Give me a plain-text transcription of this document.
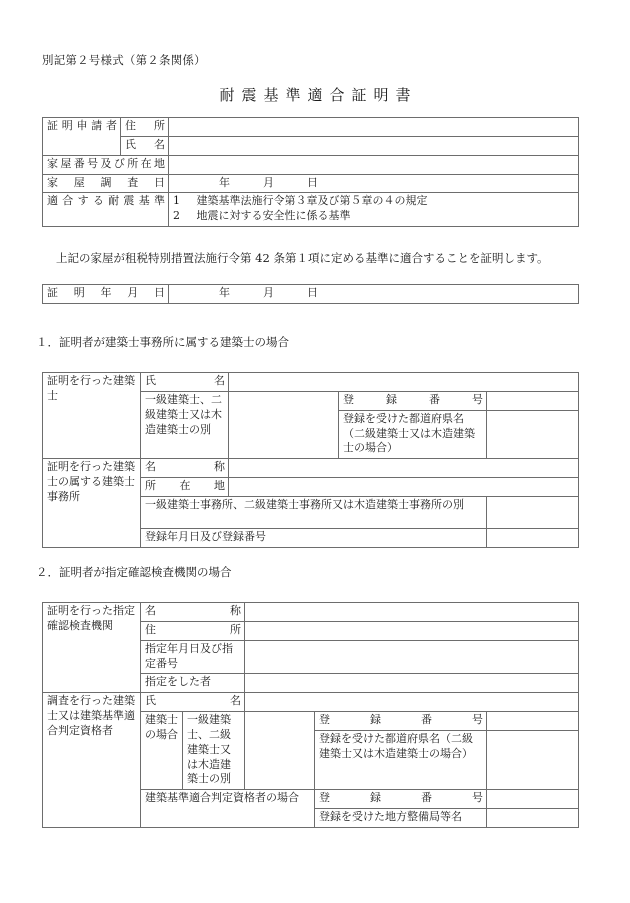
別記第２号様式（第２条関係）
耐震基準適合証明書
証明申請者	住　所	

	氏　名	

家屋番号及び所在地		

家屋調査日		年　　　月　　　日

適合する耐震基準		1 建築基準法施行令第３章及び第５章の４の規定
2 地震に対する安全性に係る基準
上記の家屋が租税特別措置法施行令第 42 条第１項に定める基準に適合することを証明します。
証明年月日	年　　　月　　　日
１．証明者が建築士事務所に属する建築士の場合
証明を行った建築士	氏　名			

	一級建築士、二級建築士又は木造建築士の別		登録番号	

			登録を受けた都道府県名（二級建築士又は木造建築士の場合）	

証明を行った建築士の属する建築士事務所	名　称			

	所　在　地			

	一級建築士事務所、二級建築士事務所又は木造建築士事務所の別			
	登録年月日及び登録番号			
２．証明者が指定確認検査機関の場合
証明を行った指定確認検査機関	名　称				

	住　所				

	指定年月日及び指定番号				

	指定をした者				
調査を行った建築士又は建築基準適合判定資格者	氏　名				

	建築士の場合	一級建築士、二級建築士又は木造建築士の別		登録番号	

				登録を受けた都道府県名（二級建築士又は木造建築士の場合）	

	建築基準適合判定資格者の場合			登録番号	

				登録を受けた地方整備局等名	
